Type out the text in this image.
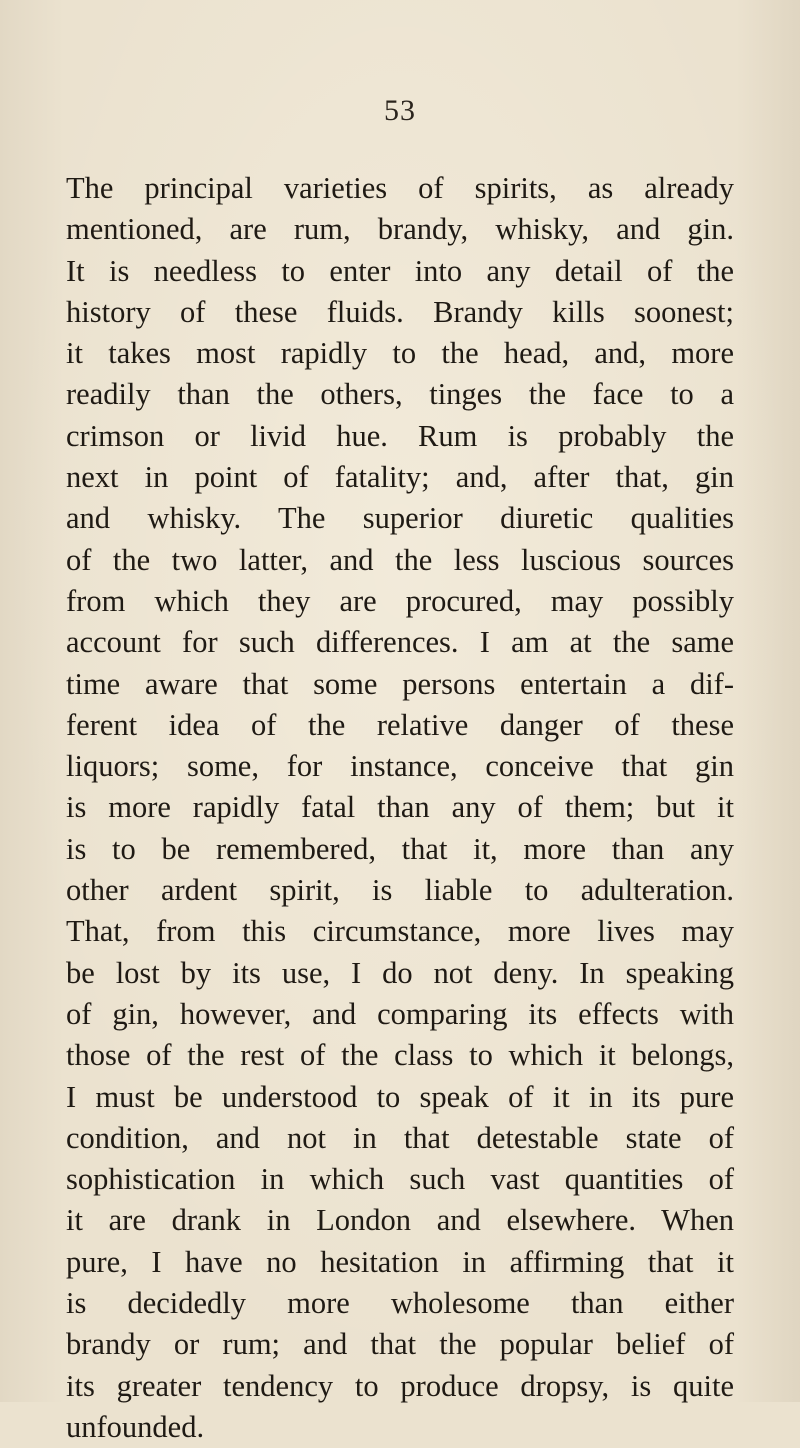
53

The principal varieties of spirits, as already
mentioned, are rum, brandy, whisky, and gin.
It is needless to enter into any detail of the
history of these fluids. Brandy kills soonest;
it takes most rapidly to the head, and, more
readily than the others, tinges the face to a
crimson or livid hue. Rum is probably the
next in point of fatality; and, after that, gin
and whisky. The superior diuretic qualities
of the two latter, and the less luscious sources
from which they are procured, may possibly
account for such differences. I am at the same
time aware that some persons entertain a dif-
ferent idea of the relative danger of these
liquors; some, for instance, conceive that gin
is more rapidly fatal than any of them; but it
is to be remembered, that it, more than any
other ardent spirit, is liable to adulteration.
That, from this circumstance, more lives may
be lost by its use, I do not deny. In speaking
of gin, however, and comparing its effects with
those of the rest of the class to which it belongs,
I must be understood to speak of it in its pure
condition, and not in that detestable state of
sophistication in which such vast quantities of
it are drank in London and elsewhere. When
pure, I have no hesitation in affirming that it
is decidedly more wholesome than either
brandy or rum; and that the popular belief of
its greater tendency to produce dropsy, is quite
unfounded.
